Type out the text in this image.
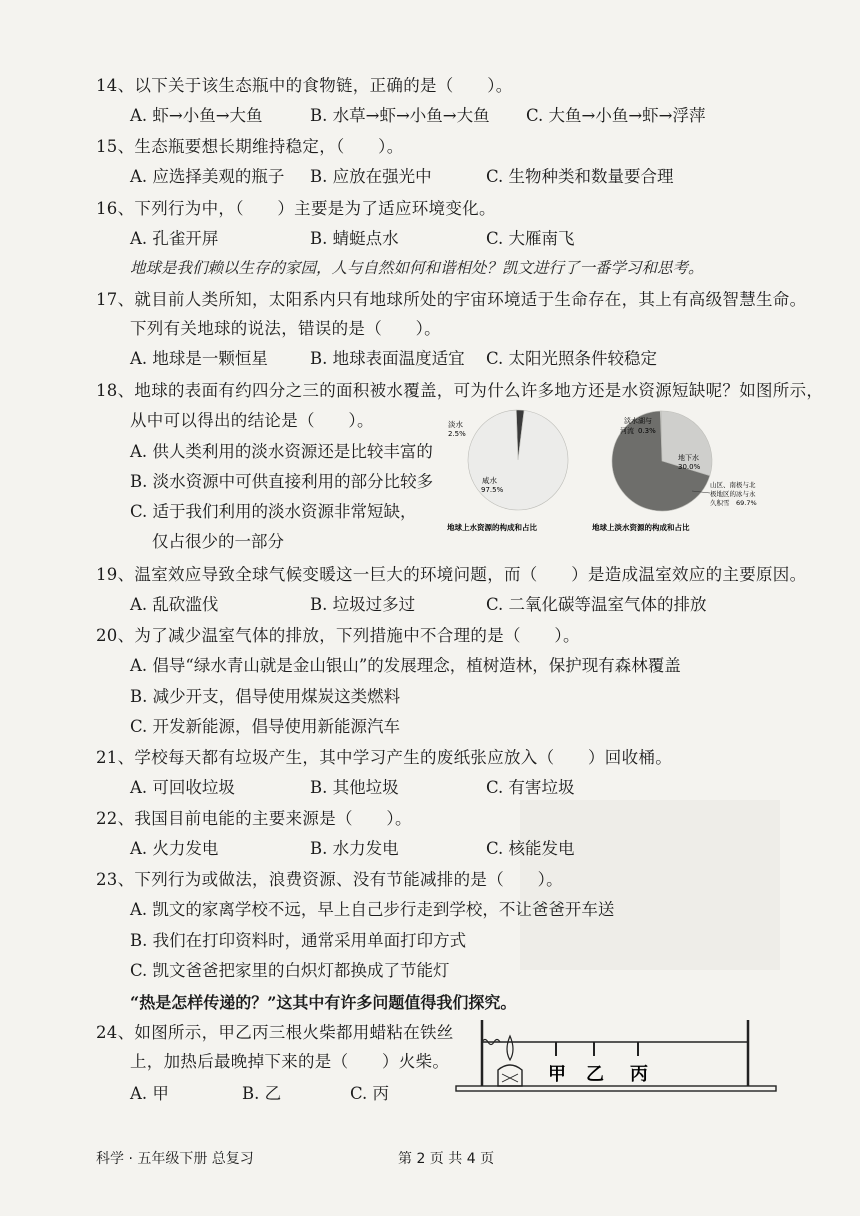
14、以下关于该生态瓶中的食物链，正确的是（　　）。
A. 虾→小鱼→大鱼	B. 水草→虾→小鱼→大鱼 C. 大鱼→小鱼→虾→浮萍
15、生态瓶要想长期维持稳定，（　　）。
A. 应选择美观的瓶子 B. 应放在强光中	C. 生物种类和数量要合理
16、下列行为中，（　　）主要是为了适应环境变化。
A. 孔雀开屏	B. 蜻蜓点水	C. 大雁南飞
地球是我们赖以生存的家园，人与自然如何和谐相处？凯文进行了一番学习和思考。
17、就目前人类所知，太阳系内只有地球所处的宇宙环境适于生命存在，其上有高级智慧生命。
下列有关地球的说法，错误的是（　　）。
A. 地球是一颗恒星	B. 地球表面温度适宜 C. 太阳光照条件较稳定
18、地球的表面有约四分之三的面积被水覆盖，可为什么许多地方还是水资源短缺呢？如图所示，
从中可以得出的结论是（　　）。
A. 供人类利用的淡水资源还是比较丰富的
B. 淡水资源中可供直接利用的部分比较多
C. 适于我们利用的淡水资源非常短缺，
仅占很少的一部分
淡水
2.5%
咸水
97.5%
地球上水资源的构成和占比
淡水湖与
河流 0.3%
地下水
30.0%
山区、南极与北
极地区的冰与永
久积雪 69.7%
地球上淡水资源的构成和占比
19、温室效应导致全球气候变暖这一巨大的环境问题，而（　　）是造成温室效应的主要原因。
A. 乱砍滥伐	B. 垃圾过多过	C. 二氧化碳等温室气体的排放
20、为了减少温室气体的排放，下列措施中不合理的是（　　）。
A. 倡导“绿水青山就是金山银山”的发展理念，植树造林，保护现有森林覆盖
B. 减少开支，倡导使用煤炭这类燃料
C. 开发新能源，倡导使用新能源汽车
21、学校每天都有垃圾产生，其中学习产生的废纸张应放入（　　）回收桶。
A. 可回收垃圾	B. 其他垃圾	C. 有害垃圾
22、我国目前电能的主要来源是（　　）。
A. 火力发电	B. 水力发电	C. 核能发电
23、下列行为或做法，浪费资源、没有节能减排的是（　　）。
A. 凯文的家离学校不远，早上自己步行走到学校，不让爸爸开车送
B. 我们在打印资料时，通常采用单面打印方式
C. 凯文爸爸把家里的白炽灯都换成了节能灯
“热是怎样传递的？”这其中有许多问题值得我们探究。
24、如图所示，甲乙丙三根火柴都用蜡粘在铁丝
上，加热后最晚掉下来的是（　　）火柴。
A. 甲	B. 乙	C. 丙
甲 乙 丙
科学 · 五年级下册 总复习	第 2 页 共 4 页
